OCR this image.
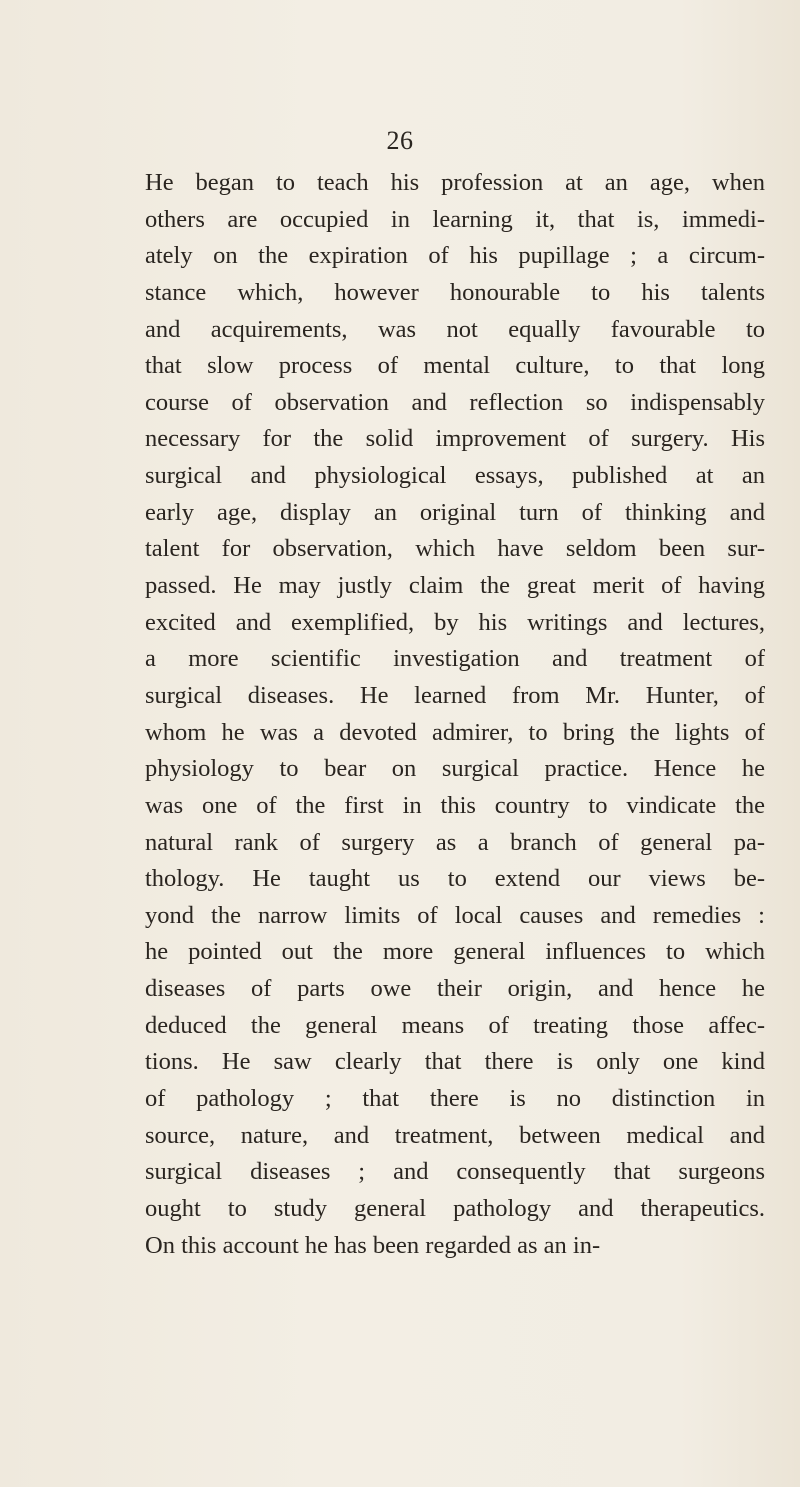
26
He began to teach his profession at an age, when
others are occupied in learning it, that is, immedi-
ately on the expiration of his pupillage ; a circum-
stance which, however honourable to his talents
and acquirements, was not equally favourable to
that slow process of mental culture, to that long
course of observation and reflection so indispensably
necessary for the solid improvement of surgery. His
surgical and physiological essays, published at an
early age, display an original turn of thinking and
talent for observation, which have seldom been sur-
passed. He may justly claim the great merit of having
excited and exemplified, by his writings and lectures,
a more scientific investigation and treatment of
surgical diseases. He learned from Mr. Hunter, of
whom he was a devoted admirer, to bring the lights of
physiology to bear on surgical practice. Hence he
was one of the first in this country to vindicate the
natural rank of surgery as a branch of general pa-
thology. He taught us to extend our views be-
yond the narrow limits of local causes and remedies :
he pointed out the more general influences to which
diseases of parts owe their origin, and hence he
deduced the general means of treating those affec-
tions. He saw clearly that there is only one kind
of pathology ; that there is no distinction in
source, nature, and treatment, between medical and
surgical diseases ; and consequently that surgeons
ought to study general pathology and therapeutics.
On this account he has been regarded as an in-
